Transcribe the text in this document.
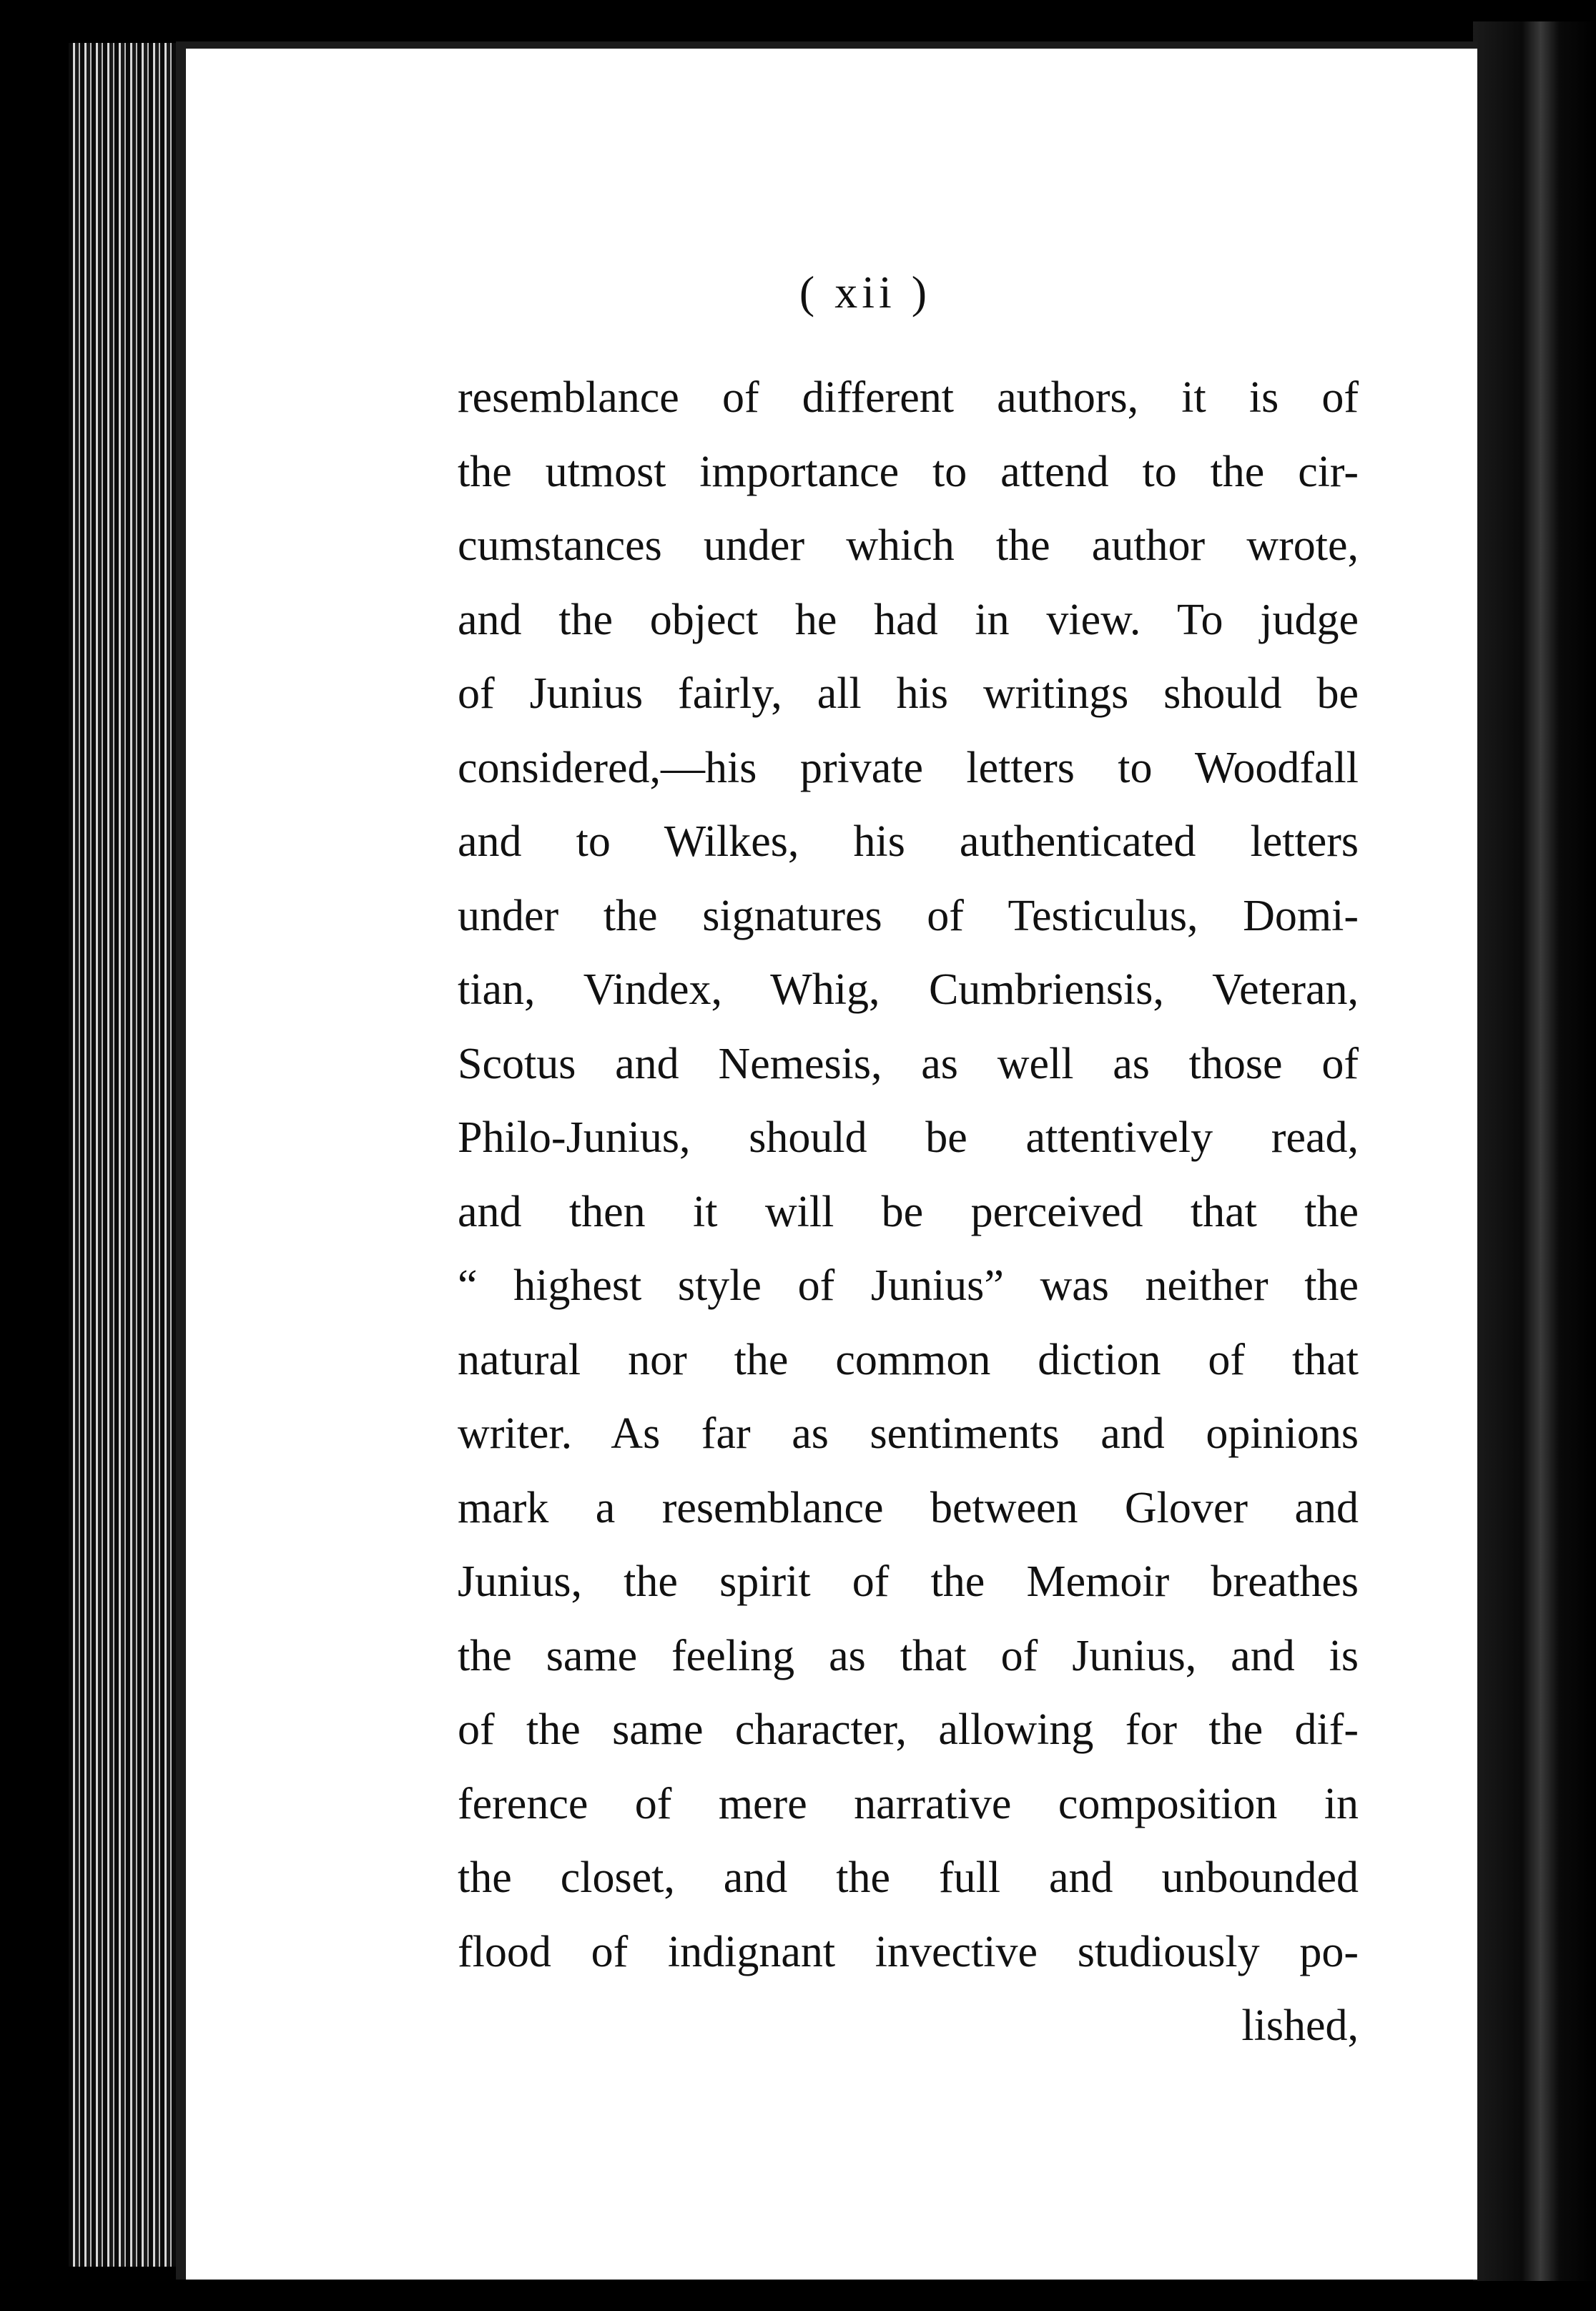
( xii )
resemblance of different authors, it is of
the utmost importance to attend to the cir-
cumstances under which the author wrote,
and the object he had in view. To judge
of Junius fairly, all his writings should be
considered,—his private letters to Woodfall
and to Wilkes, his authenticated letters
under the signatures of Testiculus, Domi-
tian, Vindex, Whig, Cumbriensis, Veteran,
Scotus and Nemesis, as well as those of
Philo-Junius, should be attentively read,
and then it will be perceived that the
“ highest style of Junius” was neither the
natural nor the common diction of that
writer. As far as sentiments and opinions
mark a resemblance between Glover and
Junius, the spirit of the Memoir breathes
the same feeling as that of Junius, and is
of the same character, allowing for the dif-
ference of mere narrative composition in
the closet, and the full and unbounded
flood of indignant invective studiously po-
lished,
